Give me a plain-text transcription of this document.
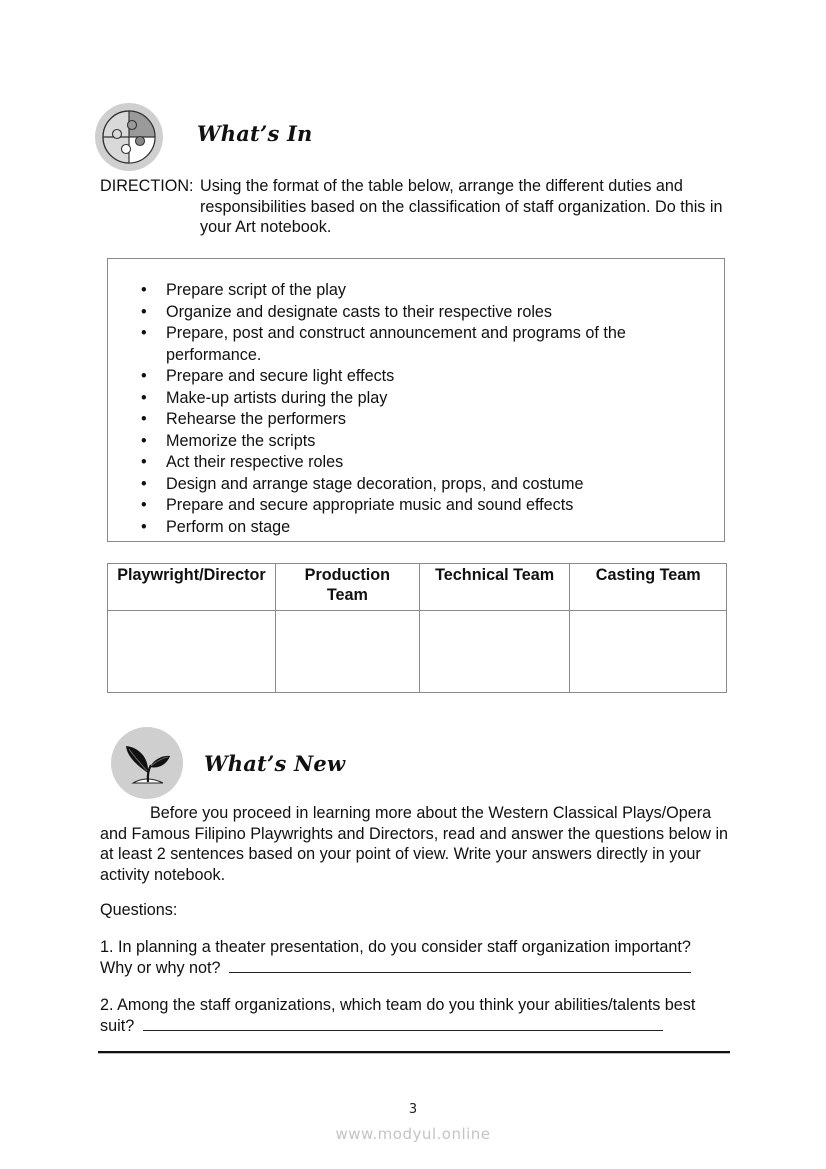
What’s In
DIRECTION: Using the format of the table below, arrange the different duties and responsibilities based on the classification of staff organization. Do this in your Art notebook.
• Prepare script of the play
• Organize and designate casts to their respective roles
• Prepare, post and construct announcement and programs of the performance.
• Prepare and secure light effects
• Make-up artists during the play
• Rehearse the performers
• Memorize the scripts
• Act their respective roles
• Design and arrange stage decoration, props, and costume
• Prepare and secure appropriate music and sound effects
• Perform on stage
Playwright/Director	Production Team	Technical Team	Casting Team

What’s New
Before you proceed in learning more about the Western Classical Plays/Opera and Famous Filipino Playwrights and Directors, read and answer the questions below in at least 2 sentences based on your point of view. Write your answers directly in your activity notebook.
Questions:
1. In planning a theater presentation, do you consider staff organization important?
Why or why not?
2. Among the staff organizations, which team do you think your abilities/talents best
suit?
3
www.modyul.online
